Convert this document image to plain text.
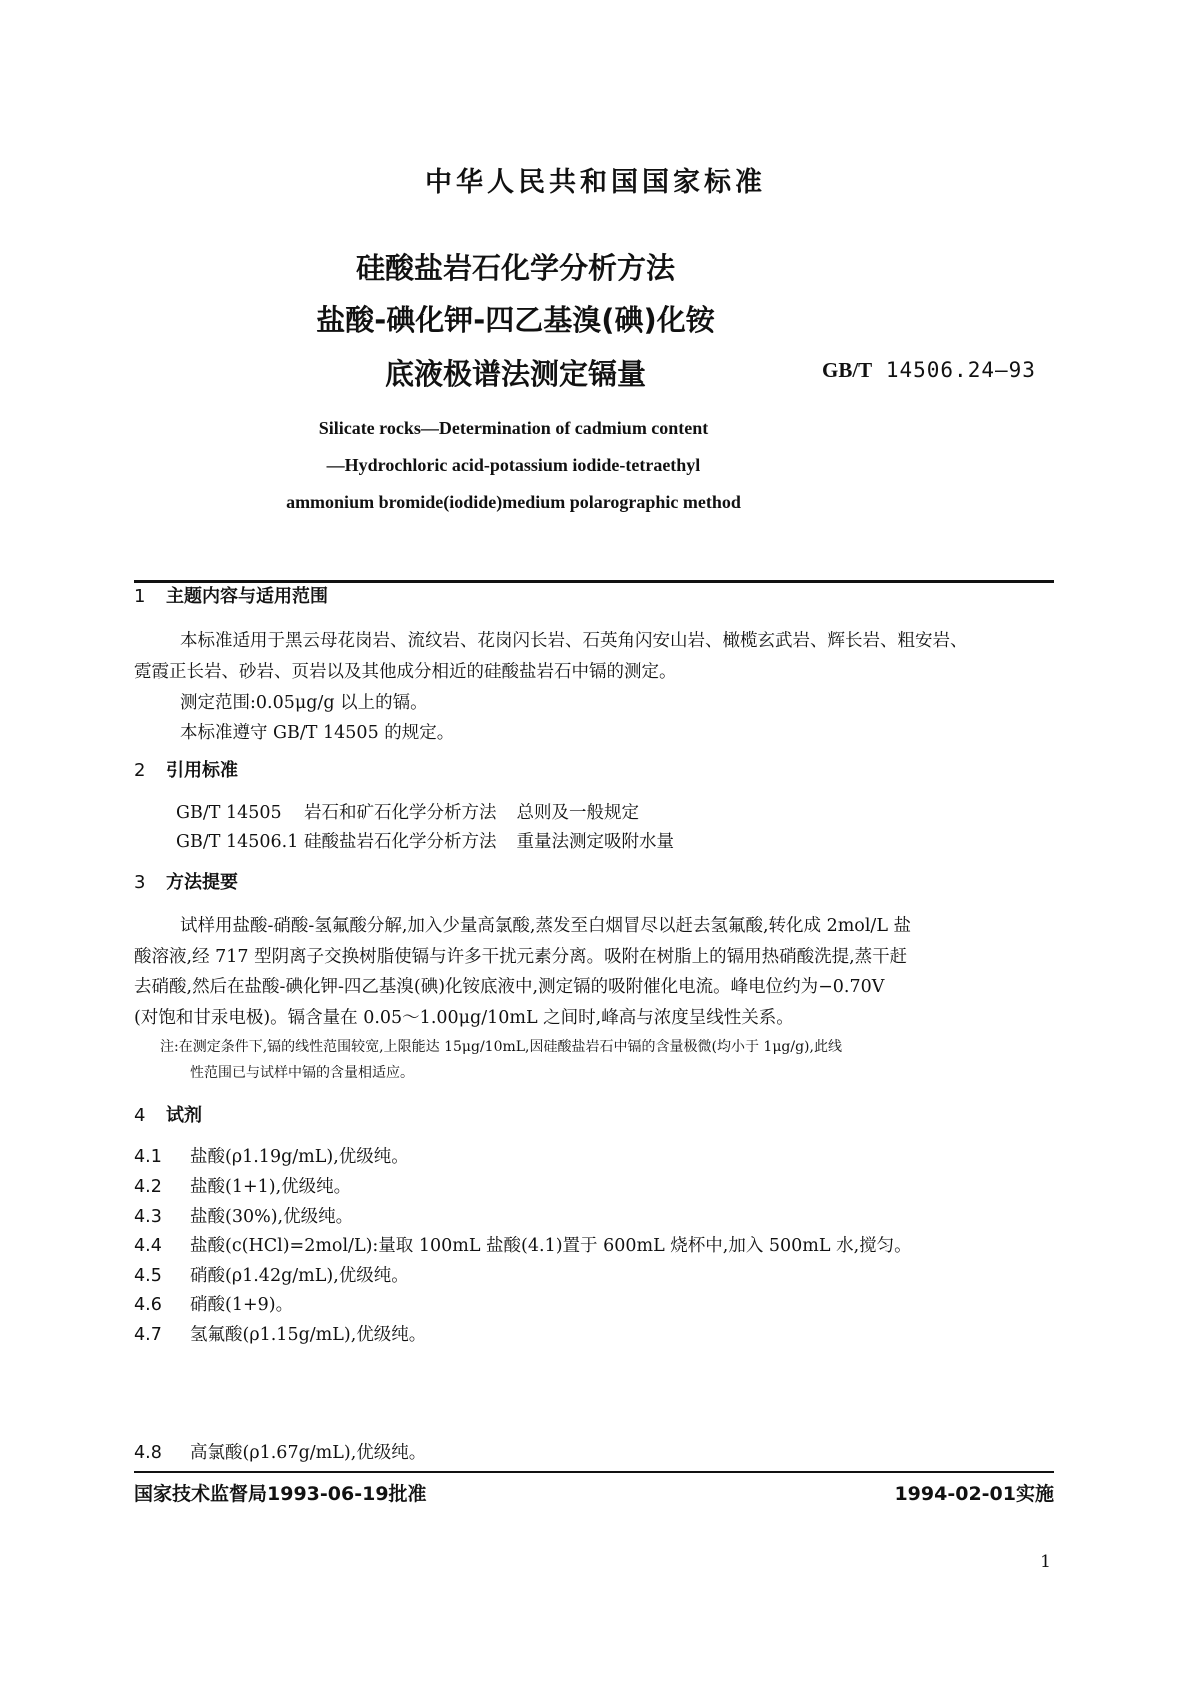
中华人民共和国国家标准
硅酸盐岩石化学分析方法
盐酸-碘化钾-四乙基溴(碘)化铵
底液极谱法测定镉量	GB/T 14506.24—93
Silicate rocks—Determination of cadmium content
—Hydrochloric acid-potassium iodide-tetraethyl
ammonium bromide(iodide)medium polarographic method
1 主题内容与适用范围
本标准适用于黑云母花岗岩、流纹岩、花岗闪长岩、石英角闪安山岩、橄榄玄武岩、辉长岩、粗安岩、
霓霞正长岩、砂岩、页岩以及其他成分相近的硅酸盐岩石中镉的测定。
测定范围:0.05μg/g 以上的镉。
本标准遵守 GB/T 14505 的规定。
2 引用标准
GB/T 14505 岩石和矿石化学分析方法 总则及一般规定
GB/T 14506.1 硅酸盐岩石化学分析方法 重量法测定吸附水量
3 方法提要
试样用盐酸-硝酸-氢氟酸分解,加入少量高氯酸,蒸发至白烟冒尽以赶去氢氟酸,转化成 2mol/L 盐
酸溶液,经 717 型阴离子交换树脂使镉与许多干扰元素分离。吸附在树脂上的镉用热硝酸洗提,蒸干赶
去硝酸,然后在盐酸-碘化钾-四乙基溴(碘)化铵底液中,测定镉的吸附催化电流。峰电位约为−0.70V
(对饱和甘汞电极)。镉含量在 0.05～1.00μg/10mL 之间时,峰高与浓度呈线性关系。
注:在测定条件下,镉的线性范围较宽,上限能达 15μg/10mL,因硅酸盐岩石中镉的含量极微(均小于 1μg/g),此线
性范围已与试样中镉的含量相适应。
4 试剂
4.1 盐酸(ρ1.19g/mL),优级纯。
4.2 盐酸(1+1),优级纯。
4.3 盐酸(30%),优级纯。
4.4 盐酸(c(HCl)=2mol/L):量取 100mL 盐酸(4.1)置于 600mL 烧杯中,加入 500mL 水,搅匀。
4.5 硝酸(ρ1.42g/mL),优级纯。
4.6 硝酸(1+9)。
4.7 氢氟酸(ρ1.15g/mL),优级纯。
4.8 高氯酸(ρ1.67g/mL),优级纯。
国家技术监督局1993-06-19批准	1994-02-01实施
1
